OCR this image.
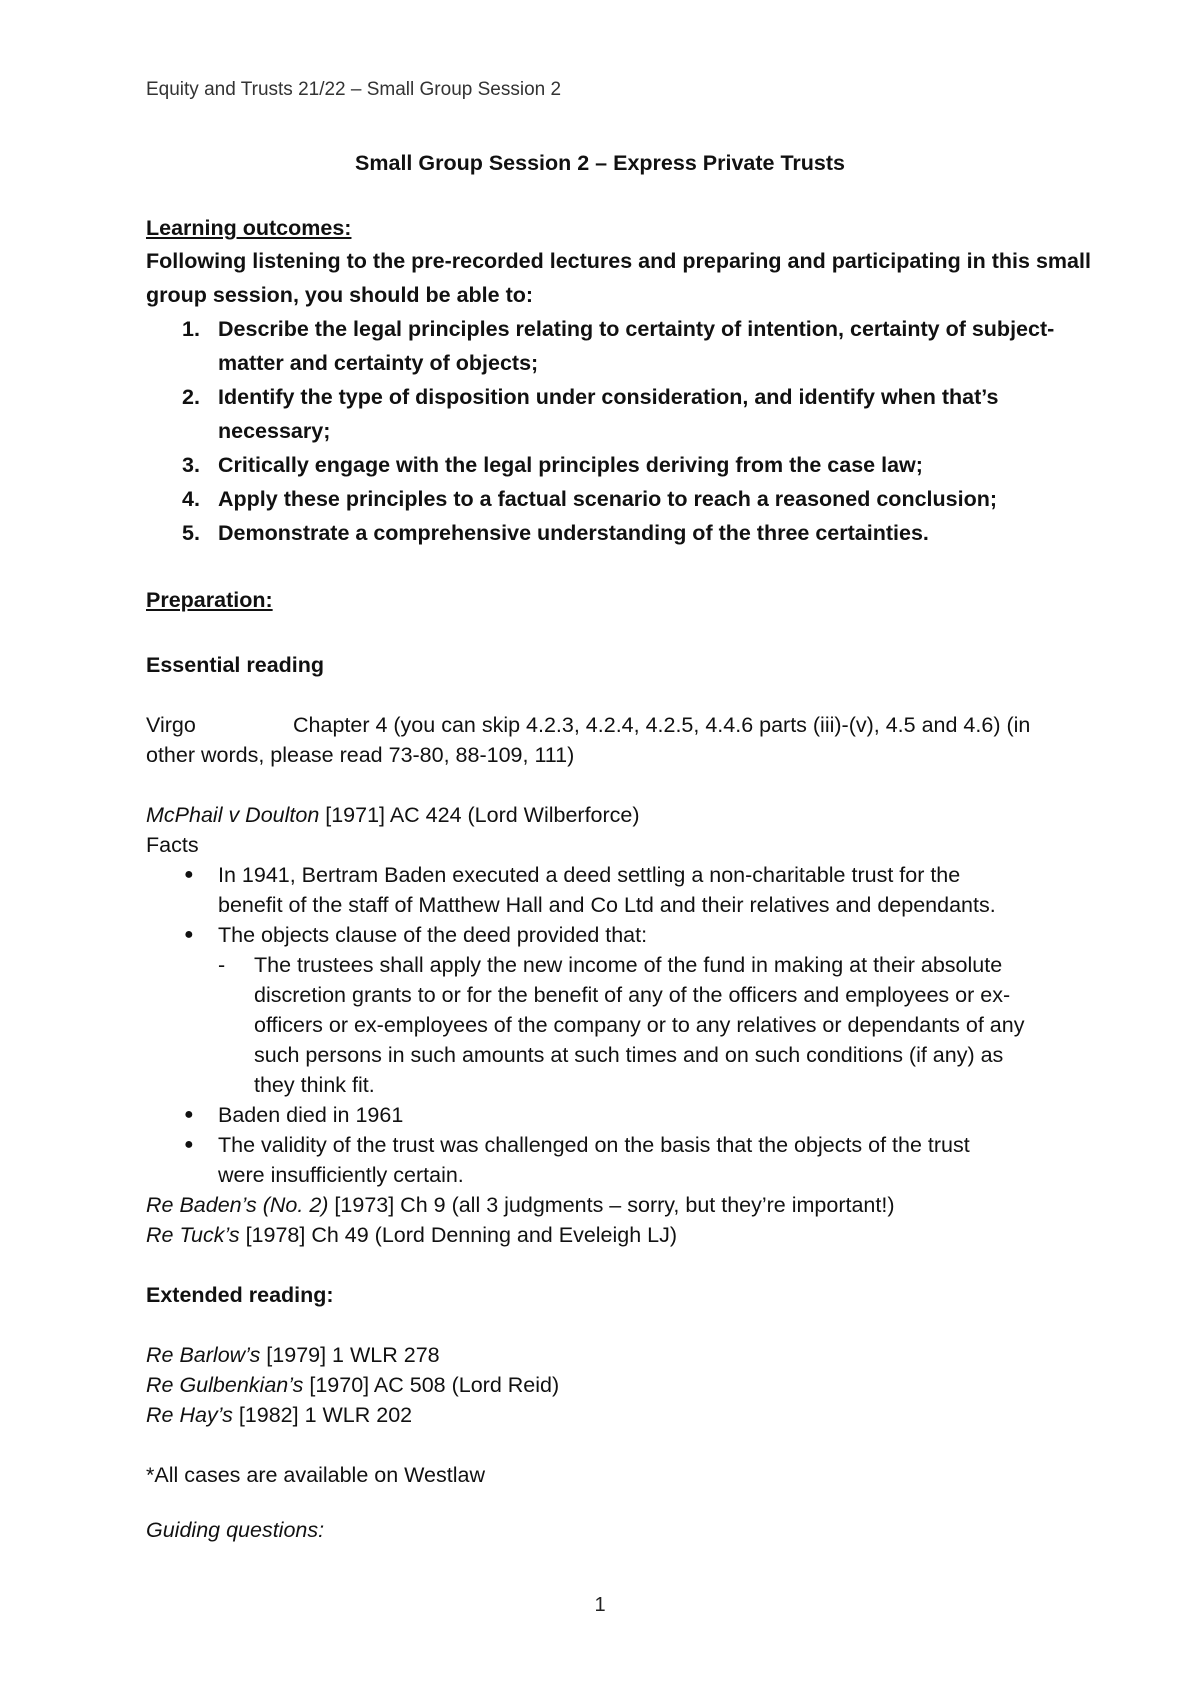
Equity and Trusts 21/22 – Small Group Session 2
Small Group Session 2 – Express Private Trusts
Learning outcomes:
Following listening to the pre-recorded lectures and preparing and participating in this small
group session, you should be able to:
1. Describe the legal principles relating to certainty of intention, certainty of subject-
matter and certainty of objects;
2. Identify the type of disposition under consideration, and identify when that’s
necessary;
3. Critically engage with the legal principles deriving from the case law;
4. Apply these principles to a factual scenario to reach a reasoned conclusion;
5. Demonstrate a comprehensive understanding of the three certainties.
Preparation:
Essential reading
Virgo	Chapter 4 (you can skip 4.2.3, 4.2.4, 4.2.5, 4.4.6 parts (iii)-(v), 4.5 and 4.6) (in
other words, please read 73-80, 88-109, 111)
McPhail v Doulton [1971] AC 424 (Lord Wilberforce)
Facts
● In 1941, Bertram Baden executed a deed settling a non-charitable trust for the
benefit of the staff of Matthew Hall and Co Ltd and their relatives and dependants.
● The objects clause of the deed provided that:
- The trustees shall apply the new income of the fund in making at their absolute
discretion grants to or for the benefit of any of the officers and employees or ex-
officers or ex-employees of the company or to any relatives or dependants of any
such persons in such amounts at such times and on such conditions (if any) as
they think fit.
● Baden died in 1961
● The validity of the trust was challenged on the basis that the objects of the trust
were insufficiently certain.
Re Baden’s (No. 2) [1973] Ch 9 (all 3 judgments – sorry, but they’re important!)
Re Tuck’s [1978] Ch 49 (Lord Denning and Eveleigh LJ)
Extended reading:
Re Barlow’s [1979] 1 WLR 278
Re Gulbenkian’s [1970] AC 508 (Lord Reid)
Re Hay’s [1982] 1 WLR 202
*All cases are available on Westlaw
Guiding questions:
1
